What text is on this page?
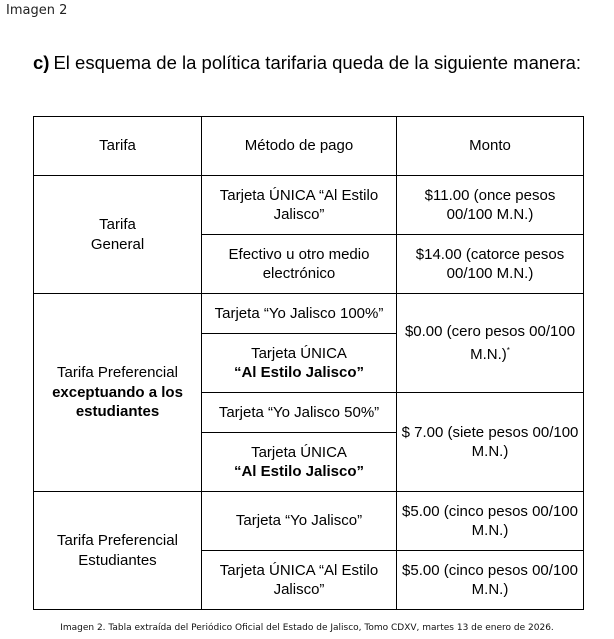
Imagen 2
c) El esquema de la política tarifaria queda de la siguiente manera:
Tarifa	Método de pago	Monto
Tarifa
General	Tarjeta ÚNICA “Al Estilo Jalisco”	$11.00 (once pesos 00/100 M.N.)
	Efectivo u otro medio electrónico	$14.00 (catorce pesos 00/100 M.N.)
Tarifa Preferencial
exceptuando a los estudiantes	Tarjeta “Yo Jalisco 100%”	$0.00 (cero pesos 00/100 M.N.)*
	Tarjeta ÚNICA
“Al Estilo Jalisco”	
	Tarjeta “Yo Jalisco 50%”	$ 7.00 (siete pesos 00/100 M.N.)
	Tarjeta ÚNICA
“Al Estilo Jalisco”	
Tarifa Preferencial Estudiantes	Tarjeta “Yo Jalisco”	$5.00 (cinco pesos 00/100 M.N.)
	Tarjeta ÚNICA “Al Estilo Jalisco”	$5.00 (cinco pesos 00/100 M.N.)
Imagen 2. Tabla extraída del Periódico Oficial del Estado de Jalisco, Tomo CDXV, martes 13 de enero de 2026.
